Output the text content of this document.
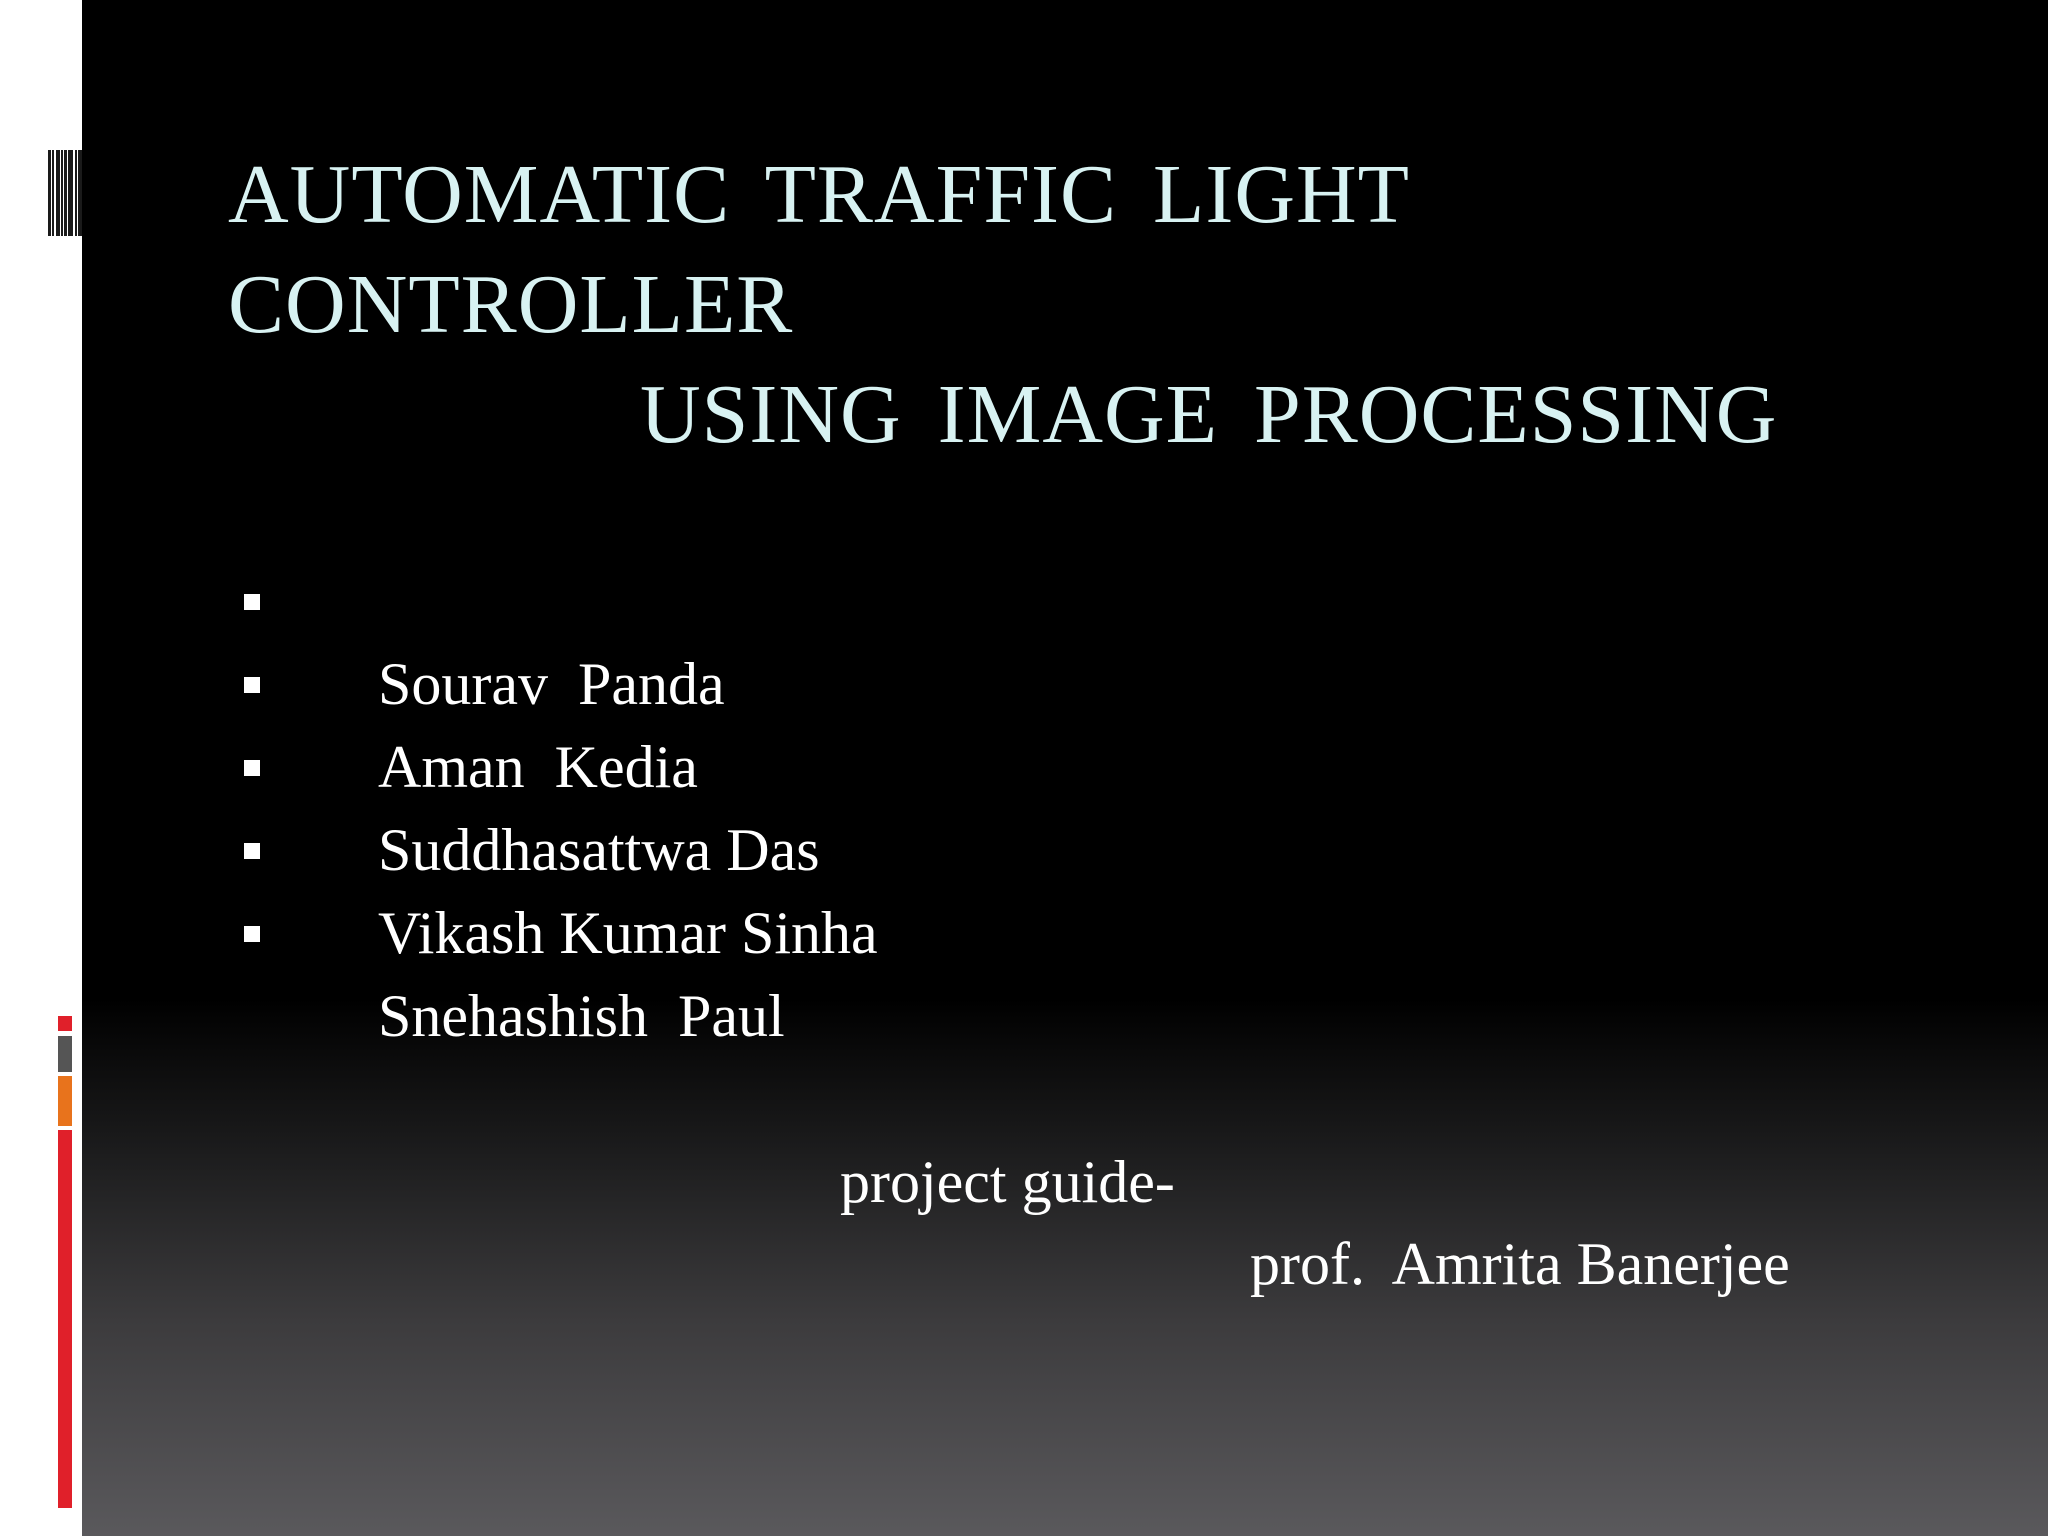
AUTOMATIC TRAFFIC LIGHT CONTROLLER
USING IMAGE PROCESSING

Sourav  Panda

Aman  Kedia

Suddhasattwa Das

Vikash Kumar Sinha

Snehashish  Paul

project guide-
prof.  Amrita Banerjee
